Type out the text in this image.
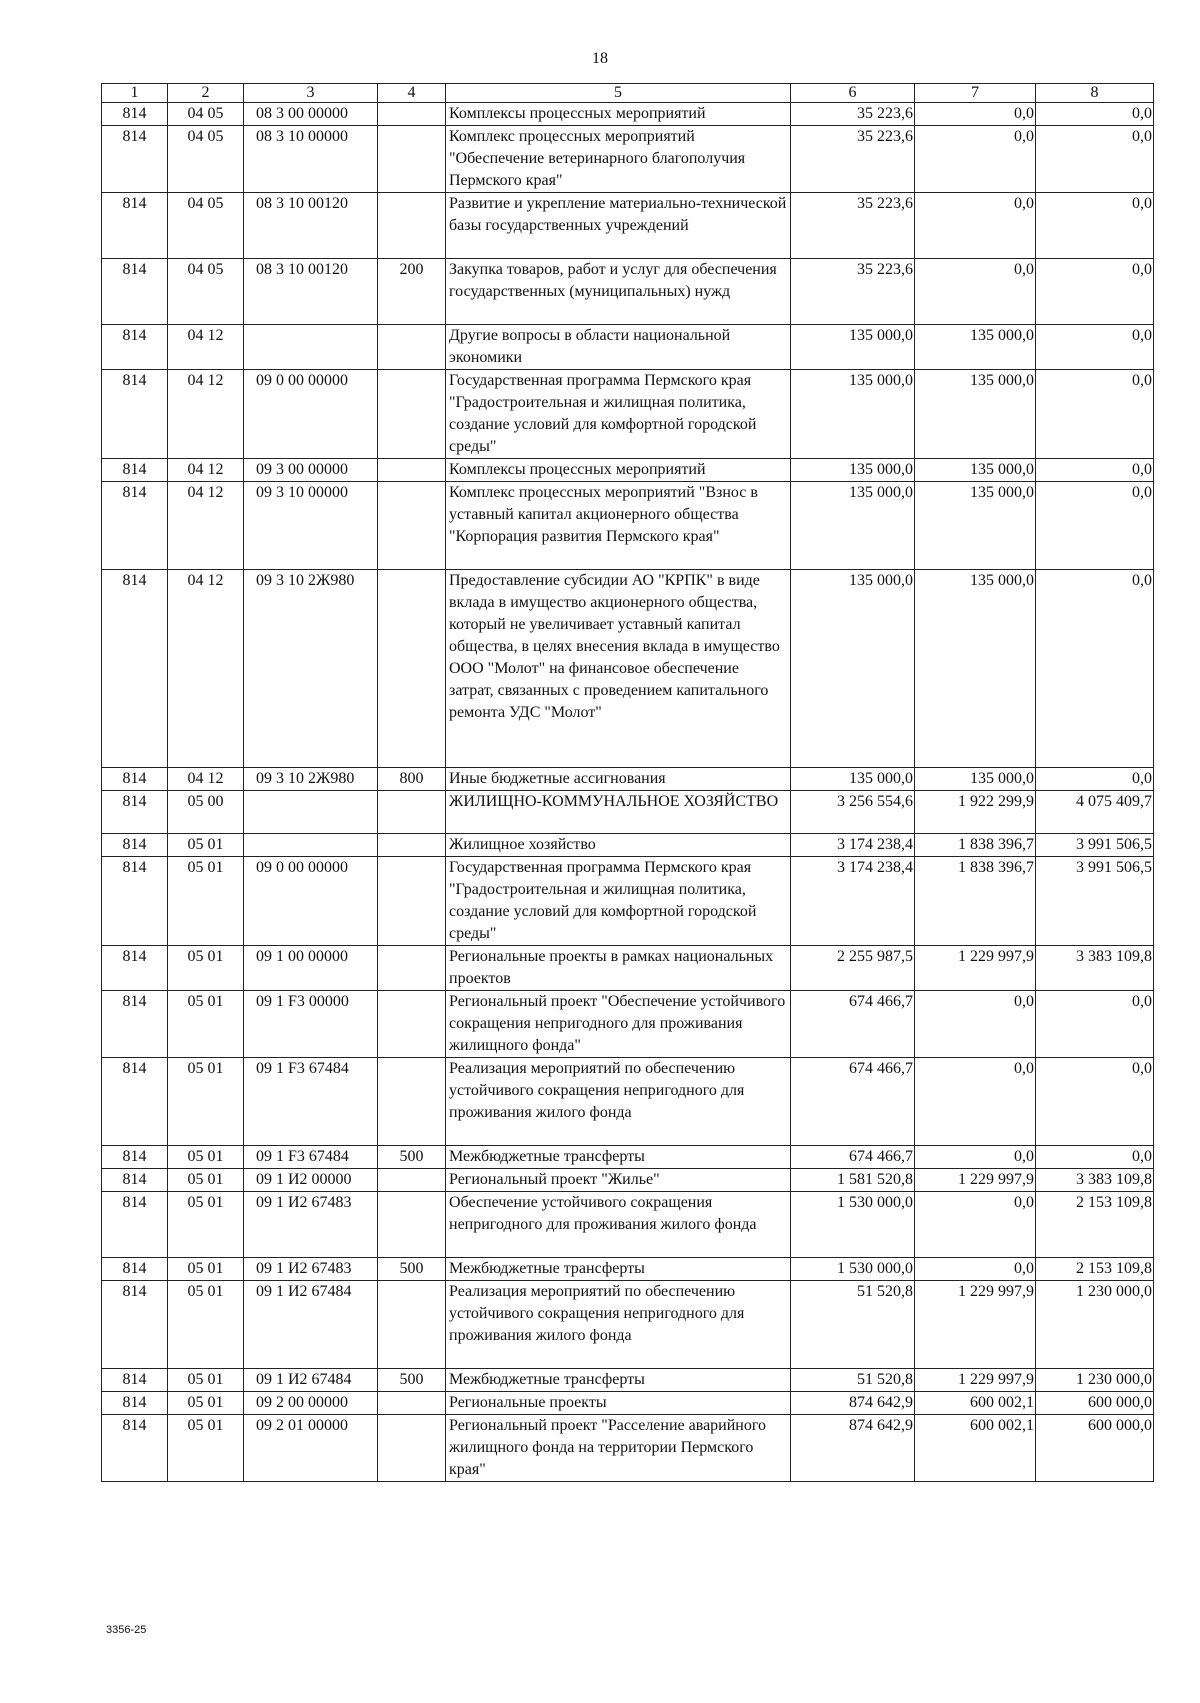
18
1	2	3	4	5	6	7	8
814	04 05	08 3 00 00000		Комплексы процессных мероприятий	35 223,6	0,0	0,0
814	04 05	08 3 10 00000		Комплекс процессных мероприятий "Обеспечение ветеринарного благополучия Пермского края"	35 223,6	0,0	0,0
814	04 05	08 3 10 00120		Развитие и укрепление материально-технической базы государственных учреждений	35 223,6	0,0	0,0
814	04 05	08 3 10 00120	200	Закупка товаров, работ и услуг для обеспечения государственных (муниципальных) нужд	35 223,6	0,0	0,0
814	04 12			Другие вопросы в области национальной экономики	135 000,0	135 000,0	0,0
814	04 12	09 0 00 00000		Государственная программа Пермского края "Градостроительная и жилищная политика, создание условий для комфортной городской среды"	135 000,0	135 000,0	0,0
814	04 12	09 3 00 00000		Комплексы процессных мероприятий	135 000,0	135 000,0	0,0
814	04 12	09 3 10 00000		Комплекс процессных мероприятий "Взнос в уставный капитал акционерного общества "Корпорация развития Пермского края"	135 000,0	135 000,0	0,0
814	04 12	09 3 10 2Ж980		Предоставление субсидии АО "КРПК" в виде вклада в имущество акционерного общества, который не увеличивает уставный капитал общества, в целях внесения вклада в имущество ООО "Молот" на финансовое обеспечение затрат, связанных с проведением капитального ремонта УДС "Молот"	135 000,0	135 000,0	0,0
814	04 12	09 3 10 2Ж980	800	Иные бюджетные ассигнования	135 000,0	135 000,0	0,0
814	05 00			ЖИЛИЩНО-КОММУНАЛЬНОЕ ХОЗЯЙСТВО	3 256 554,6	1 922 299,9	4 075 409,7
814	05 01			Жилищное хозяйство	3 174 238,4	1 838 396,7	3 991 506,5
814	05 01	09 0 00 00000		Государственная программа Пермского края "Градостроительная и жилищная политика, создание условий для комфортной городской среды"	3 174 238,4	1 838 396,7	3 991 506,5
814	05 01	09 1 00 00000		Региональные проекты в рамках национальных проектов	2 255 987,5	1 229 997,9	3 383 109,8
814	05 01	09 1 F3 00000		Региональный проект "Обеспечение устойчивого сокращения непригодного для проживания жилищного фонда"	674 466,7	0,0	0,0
814	05 01	09 1 F3 67484		Реализация мероприятий по обеспечению устойчивого сокращения непригодного для проживания жилого фонда	674 466,7	0,0	0,0
814	05 01	09 1 F3 67484	500	Межбюджетные трансферты	674 466,7	0,0	0,0
814	05 01	09 1 И2 00000		Региональный проект "Жилье"	1 581 520,8	1 229 997,9	3 383 109,8
814	05 01	09 1 И2 67483		Обеспечение устойчивого сокращения непригодного для проживания жилого фонда	1 530 000,0	0,0	2 153 109,8
814	05 01	09 1 И2 67483	500	Межбюджетные трансферты	1 530 000,0	0,0	2 153 109,8
814	05 01	09 1 И2 67484		Реализация мероприятий по обеспечению устойчивого сокращения непригодного для проживания жилого фонда	51 520,8	1 229 997,9	1 230 000,0
814	05 01	09 1 И2 67484	500	Межбюджетные трансферты	51 520,8	1 229 997,9	1 230 000,0
814	05 01	09 2 00 00000		Региональные проекты	874 642,9	600 002,1	600 000,0
814	05 01	09 2 01 00000		Региональный проект "Расселение аварийного жилищного фонда на территории Пермского края"	874 642,9	600 002,1	600 000,0
3356-25
